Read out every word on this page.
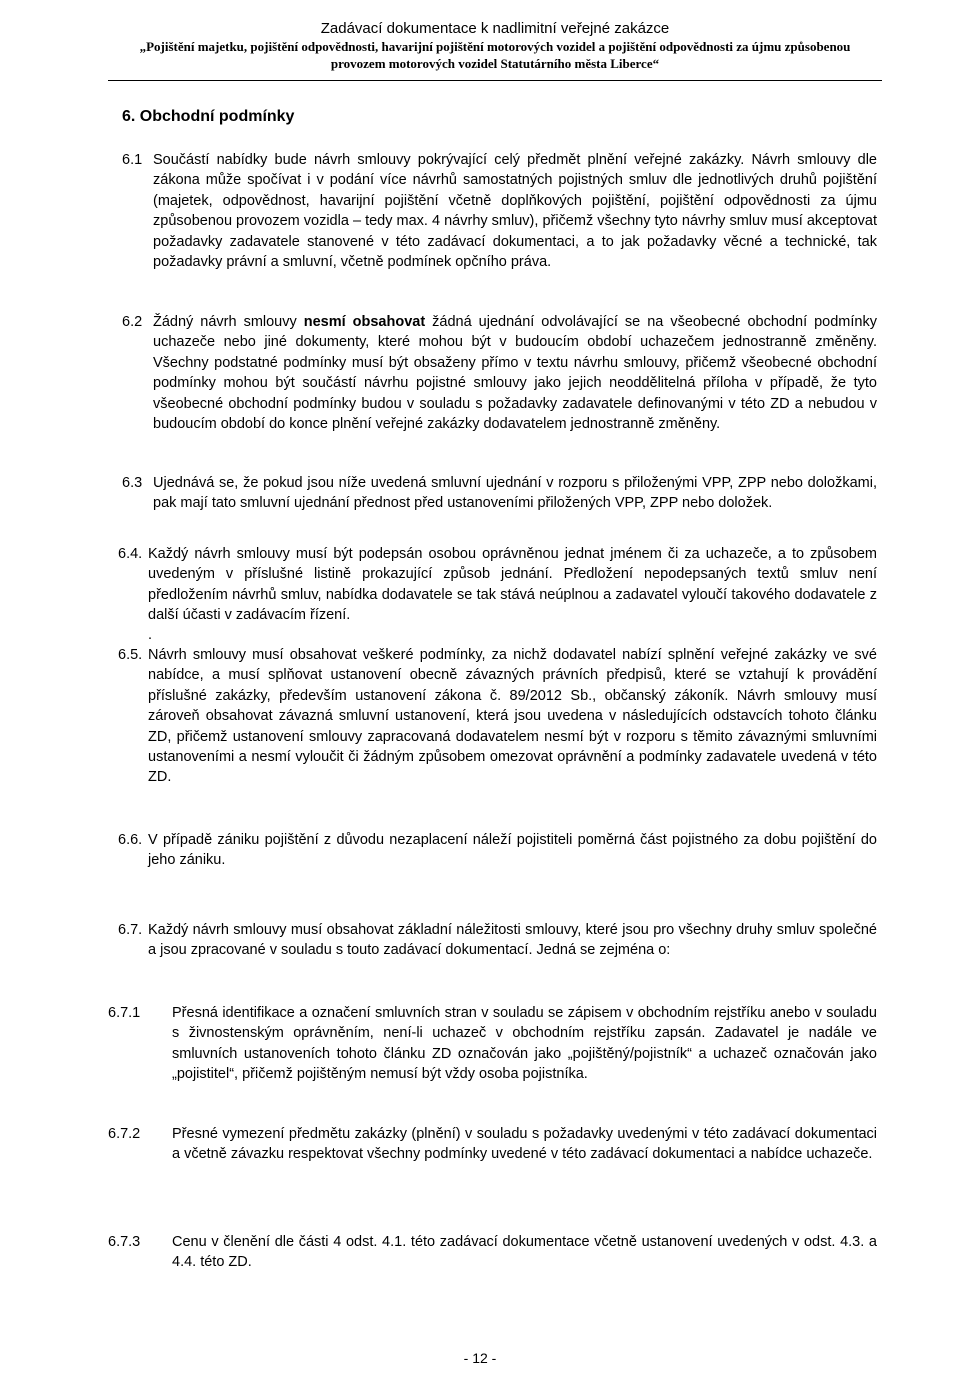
Zadávací dokumentace k nadlimitní veřejné zakázce
„Pojištění majetku, pojištění odpovědnosti, havarijní pojištění motorových vozidel a pojištění odpovědnosti za újmu způsobenou
provozem motorových vozidel Statutárního města Liberce“
6. Obchodní podmínky
6.1 Součástí nabídky bude návrh smlouvy pokrývající celý předmět plnění veřejné zakázky. Návrh smlouvy dle zákona může spočívat i v podání více návrhů samostatných pojistných smluv dle jednotlivých druhů pojištění (majetek, odpovědnost, havarijní pojištění včetně doplňkových pojištění, pojištění odpovědnosti za újmu způsobenou provozem vozidla – tedy max. 4 návrhy smluv), přičemž všechny tyto návrhy smluv musí akceptovat požadavky zadavatele stanovené v této zadávací dokumentaci, a to jak požadavky věcné a technické, tak požadavky právní a smluvní, včetně podmínek opčního práva.
6.2 Žádný návrh smlouvy nesmí obsahovat žádná ujednání odvolávající se na všeobecné obchodní podmínky uchazeče nebo jiné dokumenty, které mohou být v budoucím období uchazečem jednostranně změněny. Všechny podstatné podmínky musí být obsaženy přímo v textu návrhu smlouvy, přičemž všeobecné obchodní podmínky mohou být součástí návrhu pojistné smlouvy jako jejich neoddělitelná příloha v případě, že tyto všeobecné obchodní podmínky budou v souladu s požadavky zadavatele definovanými v této ZD a nebudou v budoucím období do konce plnění veřejné zakázky dodavatelem jednostranně změněny.
6.3 Ujednává se, že pokud jsou níže uvedená smluvní ujednání v rozporu s přiloženými VPP, ZPP nebo doložkami, pak mají tato smluvní ujednání přednost před ustanoveními přiložených VPP, ZPP nebo doložek.
6.4. Každý návrh smlouvy musí být podepsán osobou oprávněnou jednat jménem či za uchazeče, a to způsobem uvedeným v příslušné listině prokazující způsob jednání. Předložení nepodepsaných textů smluv není předložením návrhů smluv, nabídka dodavatele se tak stává neúplnou a zadavatel vyloučí takového dodavatele z další účasti v zadávacím řízení.
.
6.5. Návrh smlouvy musí obsahovat veškeré podmínky, za nichž dodavatel nabízí splnění veřejné zakázky ve své nabídce, a musí splňovat ustanovení obecně závazných právních předpisů, které se vztahují k provádění příslušné zakázky, především ustanovení zákona č. 89/2012 Sb., občanský zákoník. Návrh smlouvy musí zároveň obsahovat závazná smluvní ustanovení, která jsou uvedena v následujících odstavcích tohoto článku ZD, přičemž ustanovení smlouvy zapracovaná dodavatelem nesmí být v rozporu s těmito závaznými smluvními ustanoveními a nesmí vyloučit či žádným způsobem omezovat oprávnění a podmínky zadavatele uvedená v této ZD.
6.6. V případě zániku pojištění z důvodu nezaplacení náleží pojistiteli poměrná část pojistného za dobu pojištění do jeho zániku.
6.7. Každý návrh smlouvy musí obsahovat základní náležitosti smlouvy, které jsou pro všechny druhy smluv společné a jsou zpracované v souladu s touto zadávací dokumentací. Jedná se zejména o:
6.7.1 Přesná identifikace a označení smluvních stran v souladu se zápisem v obchodním rejstříku anebo v souladu s živnostenským oprávněním, není-li uchazeč v obchodním rejstříku zapsán. Zadavatel je nadále ve smluvních ustanoveních tohoto článku ZD označován jako „pojištěný/pojistník“ a uchazeč označován jako „pojistitel“, přičemž pojištěným nemusí být vždy osoba pojistníka.
6.7.2 Přesné vymezení předmětu zakázky (plnění) v souladu s požadavky uvedenými v této zadávací dokumentaci a včetně závazku respektovat všechny podmínky uvedené v této zadávací dokumentaci a nabídce uchazeče.
6.7.3 Cenu v členění dle části 4 odst. 4.1. této zadávací dokumentace včetně ustanovení uvedených v odst. 4.3. a 4.4. této ZD.
- 12 -
